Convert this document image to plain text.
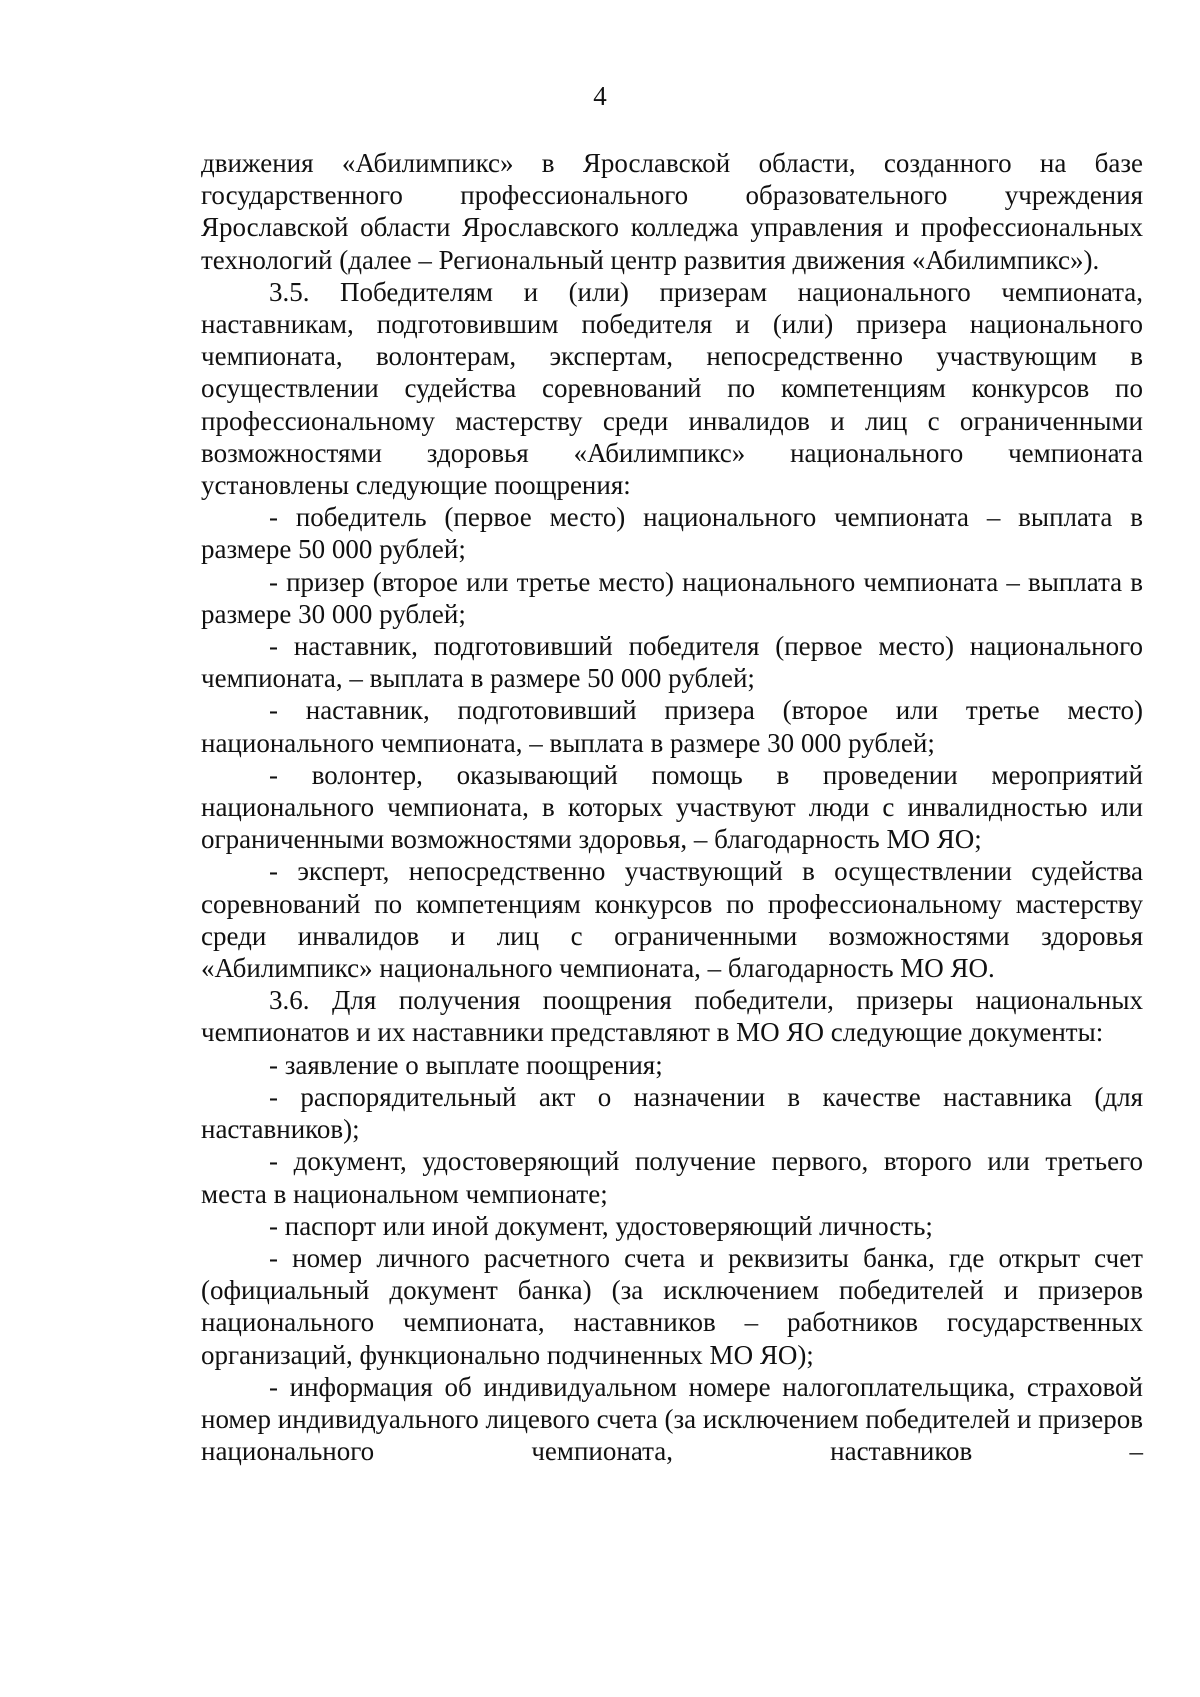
4

движения «Абилимпикс» в Ярославской области, созданного на базе государственного профессионального образовательного учреждения Ярославской области Ярославского колледжа управления и профессиональных технологий (далее – Региональный центр развития движения «Абилимпикс»).

3.5. Победителям и (или) призерам национального чемпионата, наставникам, подготовившим победителя и (или) призера национального чемпионата, волонтерам, экспертам, непосредственно участвующим в осуществлении судейства соревнований по компетенциям конкурсов по профессиональному мастерству среди инвалидов и лиц с ограниченными возможностями здоровья «Абилимпикс» национального чемпионата установлены следующие поощрения:

- победитель (первое место) национального чемпионата – выплата в размере 50 000 рублей;

- призер (второе или третье место) национального чемпионата – выплата в размере 30 000 рублей;

- наставник, подготовивший победителя (первое место) национального чемпионата, – выплата в размере 50 000 рублей;

- наставник, подготовивший призера (второе или третье место) национального чемпионата, – выплата в размере 30 000 рублей;

- волонтер, оказывающий помощь в проведении мероприятий национального чемпионата, в которых участвуют люди с инвалидностью или ограниченными возможностями здоровья, – благодарность МО ЯО;

- эксперт, непосредственно участвующий в осуществлении судейства соревнований по компетенциям конкурсов по профессиональному мастерству среди инвалидов и лиц с ограниченными возможностями здоровья «Абилимпикс» национального чемпионата, – благодарность МО ЯО.

3.6. Для получения поощрения победители, призеры национальных чемпионатов и их наставники представляют в МО ЯО следующие документы:

- заявление о выплате поощрения;

- распорядительный акт о назначении в качестве наставника (для наставников);

- документ, удостоверяющий получение первого, второго или третьего места в национальном чемпионате;

- паспорт или иной документ, удостоверяющий личность;

- номер личного расчетного счета и реквизиты банка, где открыт счет (официальный документ банка) (за исключением победителей и призеров национального чемпионата, наставников – работников государственных организаций, функционально подчиненных МО ЯО);

- информация об индивидуальном номере налогоплательщика, страховой номер индивидуального лицевого счета (за исключением победителей и призеров национального чемпионата, наставников –
